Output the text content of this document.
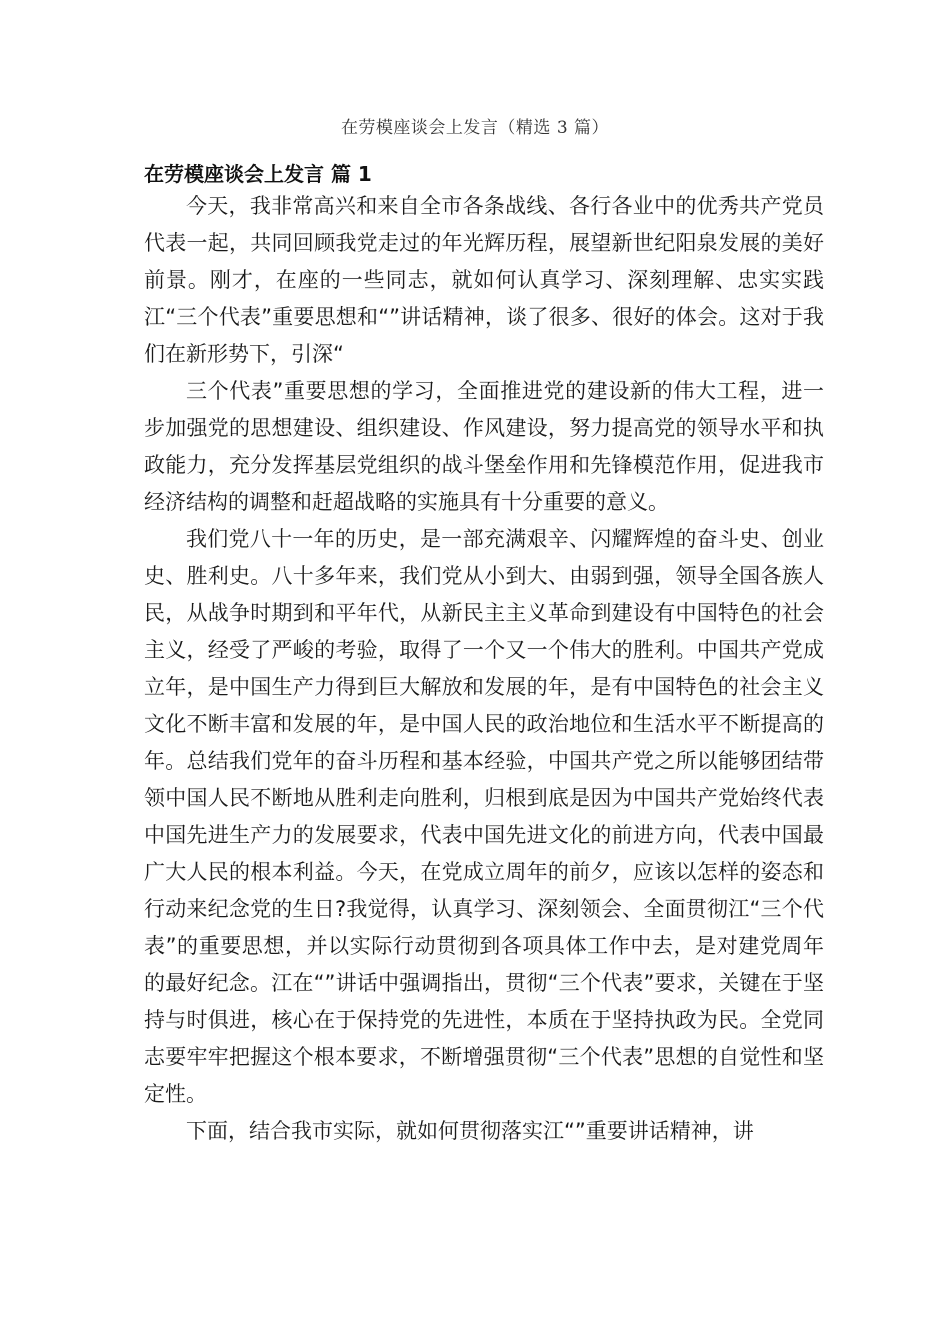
在劳模座谈会上发言（精选 3 篇）
在劳模座谈会上发言 篇 1

今天，我非常高兴和来自全市各条战线、各行各业中的优秀共产党员代表一起，共同回顾我党走过的年光辉历程，展望新世纪阳泉发展的美好前景。刚才，在座的一些同志，就如何认真学习、深刻理解、忠实实践江“三个代表”重要思想和“”讲话精神，谈了很多、很好的体会。这对于我们在新形势下，引深“

三个代表”重要思想的学习，全面推进党的建设新的伟大工程，进一步加强党的思想建设、组织建设、作风建设，努力提高党的领导水平和执政能力，充分发挥基层党组织的战斗堡垒作用和先锋模范作用，促进我市经济结构的调整和赶超战略的实施具有十分重要的意义。

我们党八十一年的历史，是一部充满艰辛、闪耀辉煌的奋斗史、创业史、胜利史。八十多年来，我们党从小到大、由弱到强，领导全国各族人民，从战争时期到和平年代，从新民主主义革命到建设有中国特色的社会主义，经受了严峻的考验，取得了一个又一个伟大的胜利。中国共产党成立年，是中国生产力得到巨大解放和发展的年，是有中国特色的社会主义文化不断丰富和发展的年，是中国人民的政治地位和生活水平不断提高的年。总结我们党年的奋斗历程和基本经验，中国共产党之所以能够团结带领中国人民不断地从胜利走向胜利，归根到底是因为中国共产党始终代表中国先进生产力的发展要求，代表中国先进文化的前进方向，代表中国最广大人民的根本利益。今天，在党成立周年的前夕，应该以怎样的姿态和行动来纪念党的生日?我觉得，认真学习、深刻领会、全面贯彻江“三个代表”的重要思想，并以实际行动贯彻到各项具体工作中去，是对建党周年的最好纪念。江在“”讲话中强调指出，贯彻“三个代表”要求，关键在于坚持与时俱进，核心在于保持党的先进性，本质在于坚持执政为民。全党同志要牢牢把握这个根本要求，不断增强贯彻“三个代表”思想的自觉性和坚定性。

下面，结合我市实际，就如何贯彻落实江“”重要讲话精神，讲
